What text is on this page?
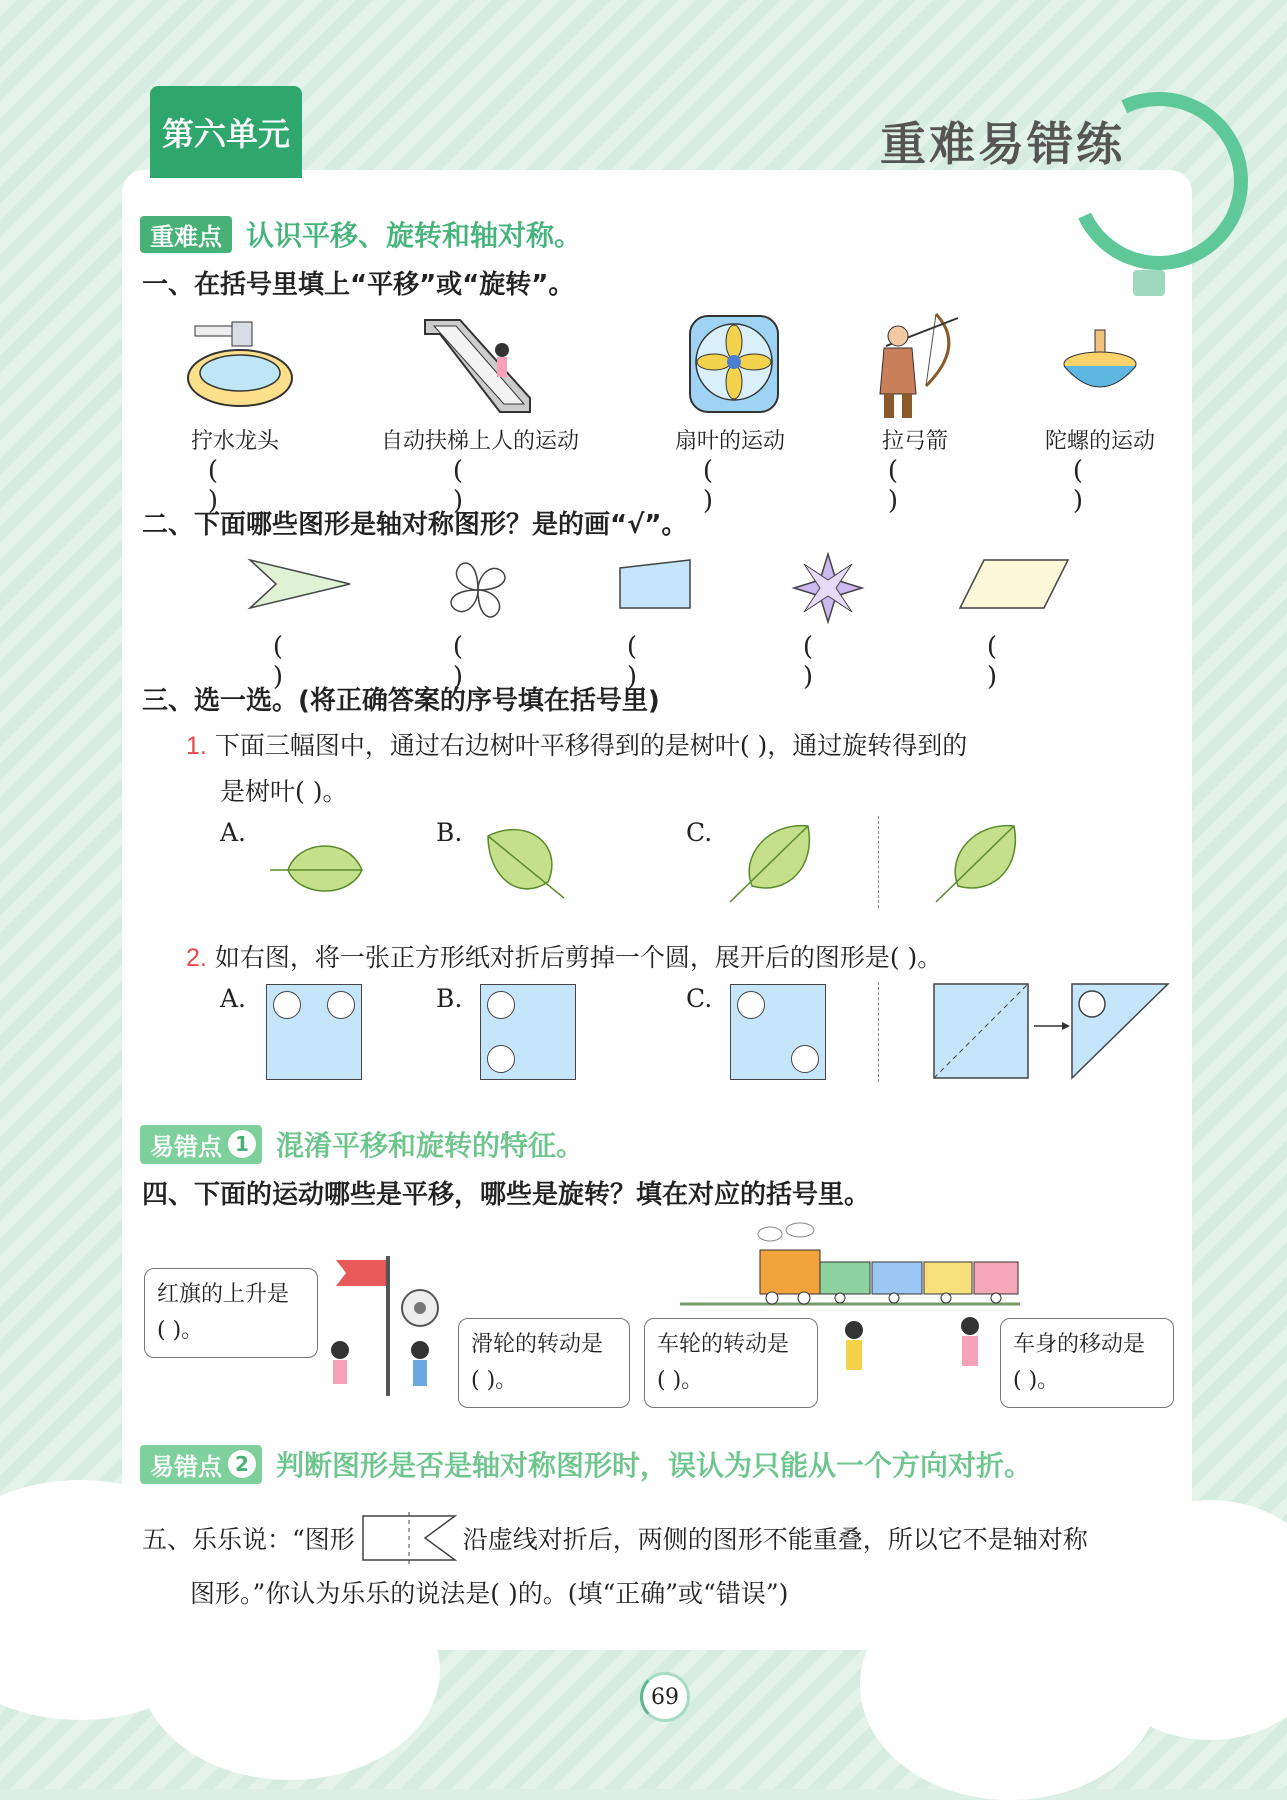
第六单元	重难易错练
重难点 认识平移、旋转和轴对称。
一、在括号里填上“平移”或“旋转”。
拧水龙头	自动扶梯上人的运动	扇叶的运动	拉弓箭	陀螺的运动
( )
( )
( )
( )
( )
二、下面哪些图形是轴对称图形？是的画“√”。
( )
( )
( )
( )
( )
三、选一选。(将正确答案的序号填在括号里)
1. 下面三幅图中，通过右边树叶平移得到的是树叶( )，通过旋转得到的
是树叶( )。
A.	B.	C.
2. 如右图，将一张正方形纸对折后剪掉一个圆，展开后的图形是( )。
A.	B.	C.
易错点 1 混淆平移和旋转的特征。
四、下面的运动哪些是平移，哪些是旋转？填在对应的括号里。
红旗的上升是
( )。
滑轮的转动是
( )。
车轮的转动是
( )。
车身的移动是
( )。
易错点 2 判断图形是否是轴对称图形时，误认为只能从一个方向对折。
五、乐乐说：“图形	沿虚线对折后，两侧的图形不能重叠，所以它不是轴对称
图形。”你认为乐乐的说法是( )的。(填“正确”或“错误”)
69
